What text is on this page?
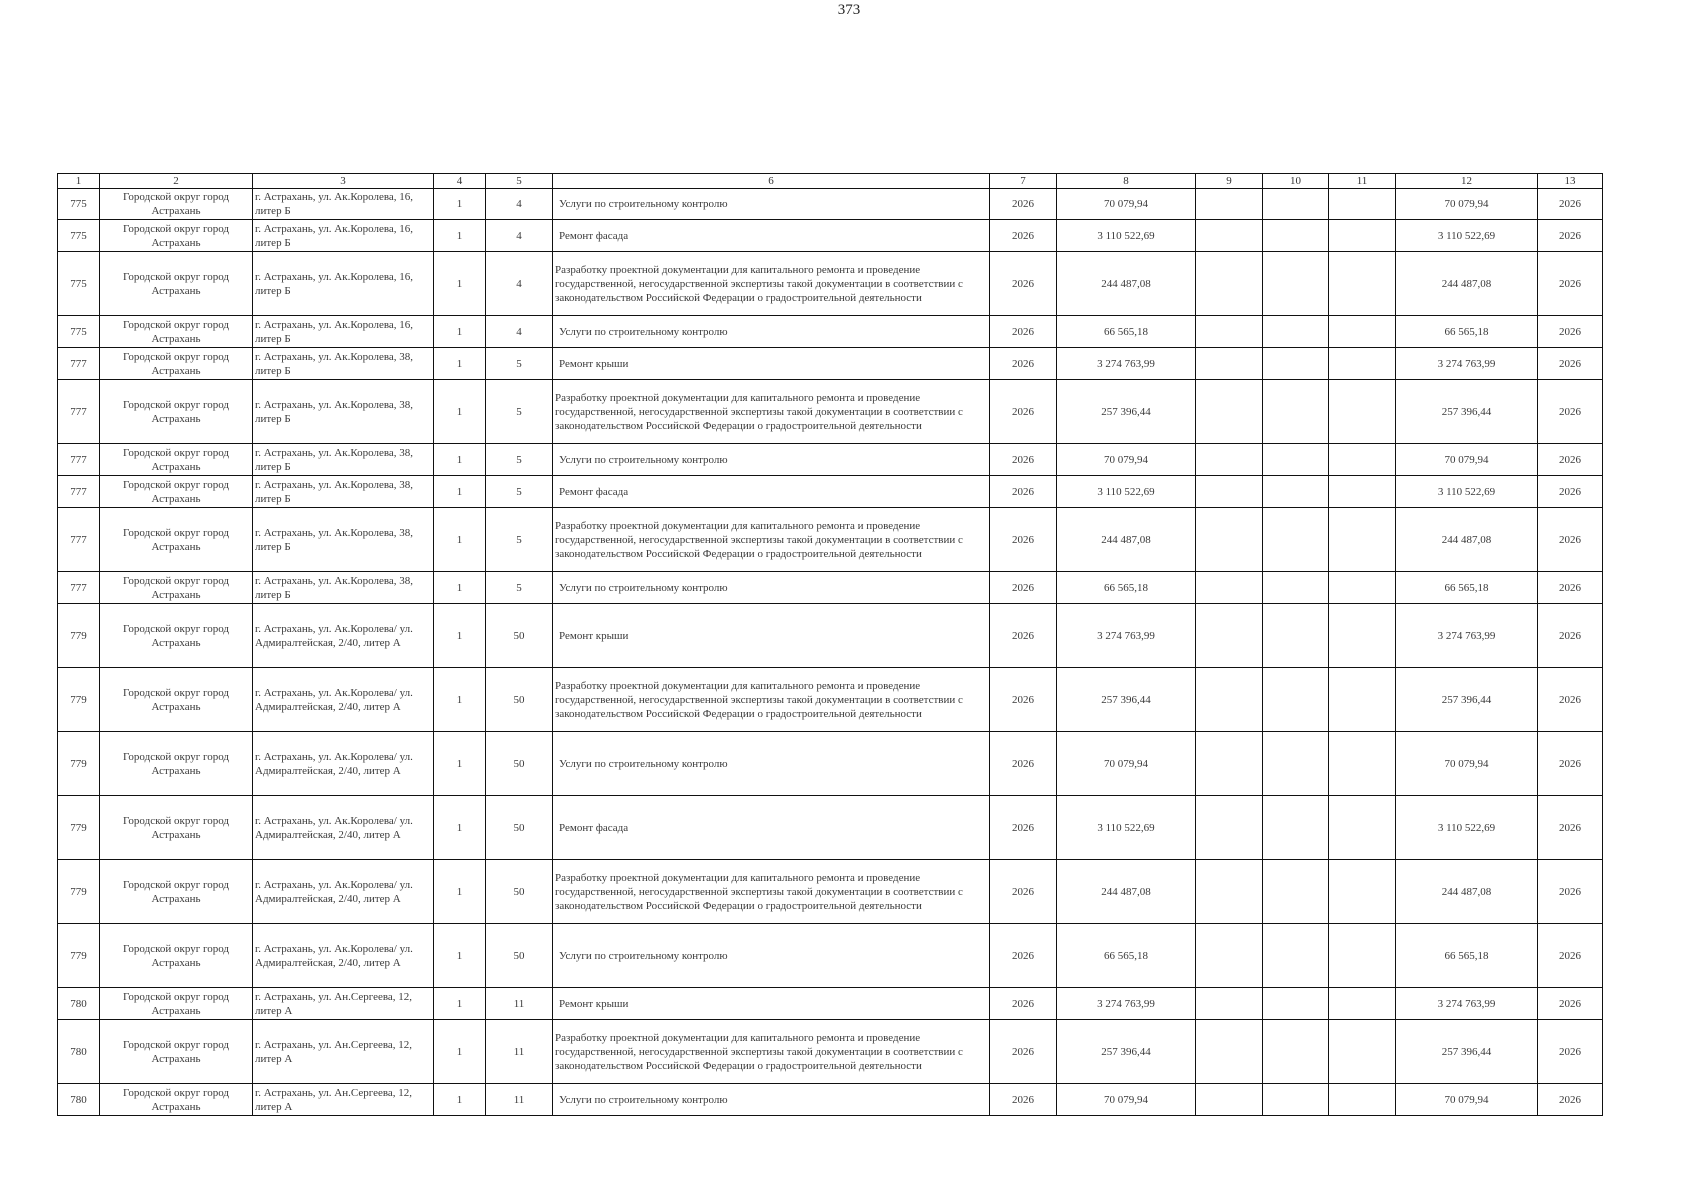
373
1	2	3	4	5	6	7	8	9	10	11	12	13
775	Городской округ город Астрахань	г. Астрахань, ул. Ак.Королева, 16, литер Б	1	4	Услуги по строительному контролю	2026	70 079,94				70 079,94	2026
775	Городской округ город Астрахань	г. Астрахань, ул. Ак.Королева, 16, литер Б	1	4	Ремонт фасада	2026	3 110 522,69				3 110 522,69	2026
775	Городской округ город Астрахань	г. Астрахань, ул. Ак.Королева, 16, литер Б	1	4	Разработку проектной документации для капитального ремонта и проведение государственной, негосударственной экспертизы такой документации в соответствии с законодательством Российской Федерации о градостроительной деятельности	2026	244 487,08				244 487,08	2026
775	Городской округ город Астрахань	г. Астрахань, ул. Ак.Королева, 16, литер Б	1	4	Услуги по строительному контролю	2026	66 565,18				66 565,18	2026
777	Городской округ город Астрахань	г. Астрахань, ул. Ак.Королева, 38, литер Б	1	5	Ремонт крыши	2026	3 274 763,99				3 274 763,99	2026
777	Городской округ город Астрахань	г. Астрахань, ул. Ак.Королева, 38, литер Б	1	5	Разработку проектной документации для капитального ремонта и проведение государственной, негосударственной экспертизы такой документации в соответствии с законодательством Российской Федерации о градостроительной деятельности	2026	257 396,44				257 396,44	2026
777	Городской округ город Астрахань	г. Астрахань, ул. Ак.Королева, 38, литер Б	1	5	Услуги по строительному контролю	2026	70 079,94				70 079,94	2026
777	Городской округ город Астрахань	г. Астрахань, ул. Ак.Королева, 38, литер Б	1	5	Ремонт фасада	2026	3 110 522,69				3 110 522,69	2026
777	Городской округ город Астрахань	г. Астрахань, ул. Ак.Королева, 38, литер Б	1	5	Разработку проектной документации для капитального ремонта и проведение государственной, негосударственной экспертизы такой документации в соответствии с законодательством Российской Федерации о градостроительной деятельности	2026	244 487,08				244 487,08	2026
777	Городской округ город Астрахань	г. Астрахань, ул. Ак.Королева, 38, литер Б	1	5	Услуги по строительному контролю	2026	66 565,18				66 565,18	2026
779	Городской округ город Астрахань	г. Астрахань, ул. Ак.Королева/ ул. Адмиралтейская, 2/40, литер А	1	50	Ремонт крыши	2026	3 274 763,99				3 274 763,99	2026
779	Городской округ город Астрахань	г. Астрахань, ул. Ак.Королева/ ул. Адмиралтейская, 2/40, литер А	1	50	Разработку проектной документации для капитального ремонта и проведение государственной, негосударственной экспертизы такой документации в соответствии с законодательством Российской Федерации о градостроительной деятельности	2026	257 396,44				257 396,44	2026
779	Городской округ город Астрахань	г. Астрахань, ул. Ак.Королева/ ул. Адмиралтейская, 2/40, литер А	1	50	Услуги по строительному контролю	2026	70 079,94				70 079,94	2026
779	Городской округ город Астрахань	г. Астрахань, ул. Ак.Королева/ ул. Адмиралтейская, 2/40, литер А	1	50	Ремонт фасада	2026	3 110 522,69				3 110 522,69	2026
779	Городской округ город Астрахань	г. Астрахань, ул. Ак.Королева/ ул. Адмиралтейская, 2/40, литер А	1	50	Разработку проектной документации для капитального ремонта и проведение государственной, негосударственной экспертизы такой документации в соответствии с законодательством Российской Федерации о градостроительной деятельности	2026	244 487,08				244 487,08	2026
779	Городской округ город Астрахань	г. Астрахань, ул. Ак.Королева/ ул. Адмиралтейская, 2/40, литер А	1	50	Услуги по строительному контролю	2026	66 565,18				66 565,18	2026
780	Городской округ город Астрахань	г. Астрахань, ул. Ан.Сергеева, 12, литер А	1	11	Ремонт крыши	2026	3 274 763,99				3 274 763,99	2026
780	Городской округ город Астрахань	г. Астрахань, ул. Ан.Сергеева, 12, литер А	1	11	Разработку проектной документации для капитального ремонта и проведение государственной, негосударственной экспертизы такой документации в соответствии с законодательством Российской Федерации о градостроительной деятельности	2026	257 396,44				257 396,44	2026
780	Городской округ город Астрахань	г. Астрахань, ул. Ан.Сергеева, 12, литер А	1	11	Услуги по строительному контролю	2026	70 079,94				70 079,94	2026
